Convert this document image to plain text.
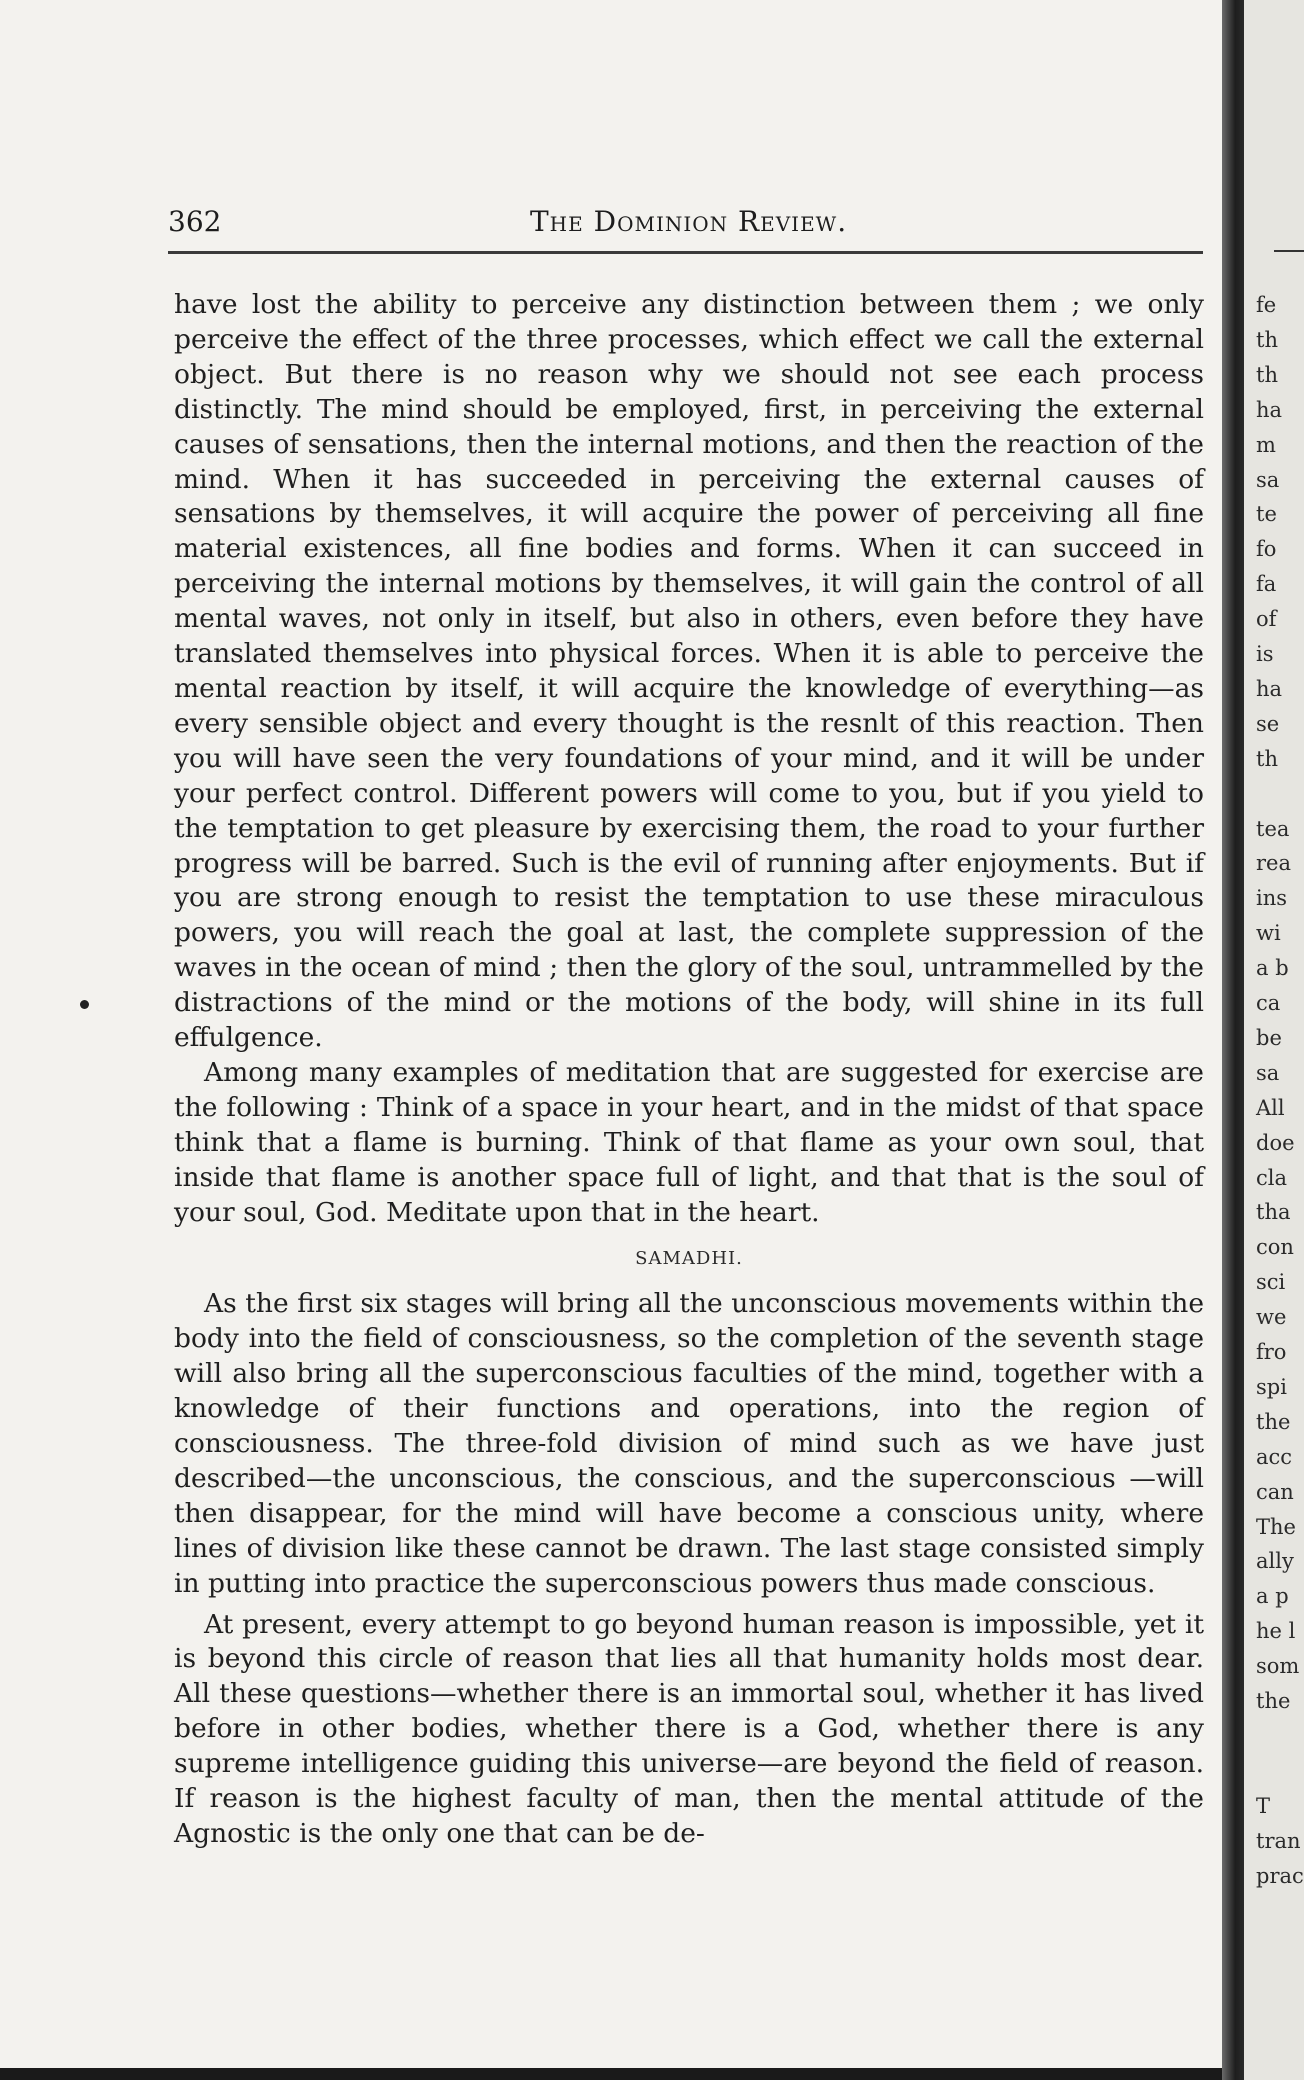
362	The Dominion Review.

have lost the ability to perceive any distinction between them ; we only perceive the effect of the three processes, which effect we call the external object. But there is no reason why we should not see each process distinctly. The mind should be employed, first, in perceiving the external causes of sensations, then the internal motions, and then the reaction of the mind. When it has succeeded in perceiving the external causes of sensations by themselves, it will acquire the power of perceiving all fine material existences, all fine bodies and forms. When it can succeed in perceiving the internal motions by themselves, it will gain the control of all mental waves, not only in itself, but also in others, even before they have translated themselves into physical forces. When it is able to perceive the mental reaction by itself, it will acquire the knowledge of everything—as every sensible object and every thought is the resnlt of this reaction. Then you will have seen the very foundations of your mind, and it will be under your perfect control. Different powers will come to you, but if you yield to the temptation to get pleasure by exercising them, the road to your further progress will be barred. Such is the evil of running after enjoyments. But if you are strong enough to resist the temptation to use these miraculous powers, you will reach the goal at last, the complete suppression of the waves in the ocean of mind ; then the glory of the soul, untrammelled by the distractions of the mind or the motions of the body, will shine in its full effulgence.

Among many examples of meditation that are suggested for exercise are the following : Think of a space in your heart, and in the midst of that space think that a flame is burning. Think of that flame as your own soul, that inside that flame is another space full of light, and that that is the soul of your soul, God. Meditate upon that in the heart.

SAMADHI.

As the first six stages will bring all the unconscious movements within the body into the field of consciousness, so the completion of the seventh stage will also bring all the superconscious faculties of the mind, together with a knowledge of their functions and operations, into the region of consciousness. The three-fold division of mind such as we have just described—the unconscious, the conscious, and the superconscious —will then disappear, for the mind will have become a conscious unity, where lines of division like these cannot be drawn. The last stage consisted simply in putting into practice the superconscious powers thus made conscious.

At present, every attempt to go beyond human reason is impossible, yet it is beyond this circle of reason that lies all that humanity holds most dear. All these questions—whether there is an immortal soul, whether it has lived before in other bodies, whether there is a God, whether there is any supreme intelligence guiding this universe—are beyond the field of reason. If reason is the highest faculty of man, then the mental attitude of the Agnostic is the only one that can be de-

fe
th
th
ha
m
sa
te
fo
fa
of
is
ha
se
th
tea
rea
ins
wi
a b
ca
be
sa
All
doe
cla
tha
con
sci
we
fro
spi
the
acc
can
The
ally
a p
he l
som
the
T
tran
prac
